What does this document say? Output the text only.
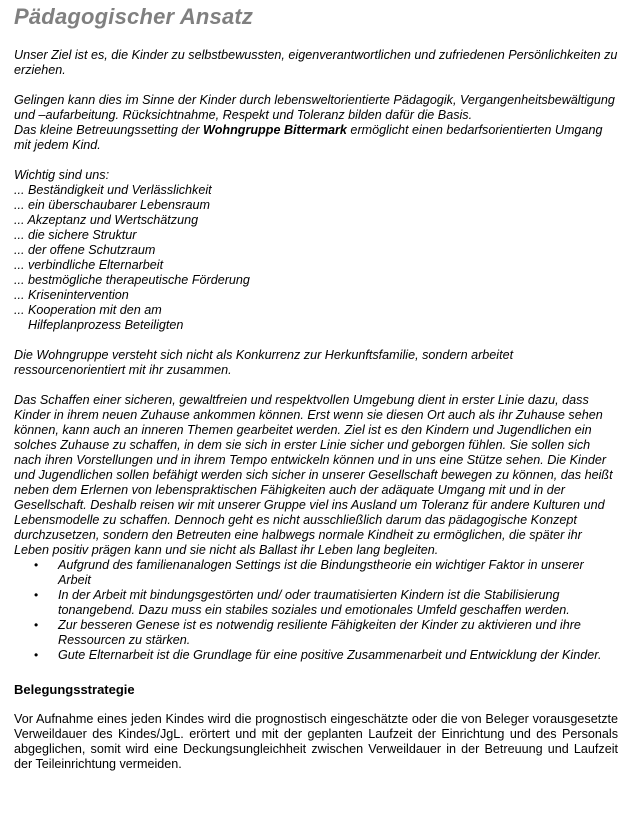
Pädagogischer Ansatz

Unser Ziel ist es, die Kinder zu selbstbewussten, eigenverantwortlichen und zufriedenen Persönlichkeiten zu erziehen.

Gelingen kann dies im Sinne der Kinder durch lebensweltorientierte Pädagogik, Vergangenheitsbewältigung und –aufarbeitung. Rücksichtnahme, Respekt und Toleranz bilden dafür die Basis.

Das kleine Betreuungssetting der Wohngruppe Bittermark ermöglicht einen bedarfsorientierten Umgang mit jedem Kind.

Wichtig sind uns:

... Beständigkeit und Verlässlichkeit
... ein überschaubarer Lebensraum
... Akzeptanz und Wertschätzung
... die sichere Struktur
... der offene Schutzraum
... verbindliche Elternarbeit
... bestmögliche therapeutische Förderung
... Krisenintervention
... Kooperation mit den am
Hilfeplanprozess Beteiligten

Die Wohngruppe versteht sich nicht als Konkurrenz zur Herkunftsfamilie, sondern arbeitet ressourcenorientiert mit ihr zusammen.

Das Schaffen einer sicheren, gewaltfreien und respektvollen Umgebung dient in erster Linie dazu, dass Kinder in ihrem neuen Zuhause ankommen können. Erst wenn sie diesen Ort auch als ihr Zuhause sehen können, kann auch an inneren Themen gearbeitet werden. Ziel ist es den Kindern und Jugendlichen ein solches Zuhause zu schaffen, in dem sie sich in erster Linie sicher und geborgen fühlen. Sie sollen sich nach ihren Vorstellungen und in ihrem Tempo entwickeln können und in uns eine Stütze sehen. Die Kinder und Jugendlichen sollen befähigt werden sich sicher in unserer Gesellschaft bewegen zu können, das heißt neben dem Erlernen von lebenspraktischen Fähigkeiten auch der adäquate Umgang mit und in der Gesellschaft. Deshalb reisen wir mit unserer Gruppe viel ins Ausland um Toleranz für andere Kulturen und Lebensmodelle zu schaffen. Dennoch geht es nicht ausschließlich darum das pädagogische Konzept durchzusetzen, sondern den Betreuten eine halbwegs normale Kindheit zu ermöglichen, die später ihr Leben positiv prägen kann und sie nicht als Ballast ihr Leben lang begleiten.

• Aufgrund des familienanalogen Settings ist die Bindungstheorie ein wichtiger Faktor in unserer Arbeit
• In der Arbeit mit bindungsgestörten und/ oder traumatisierten Kindern ist die Stabilisierung tonangebend. Dazu muss ein stabiles soziales und emotionales Umfeld geschaffen werden.
• Zur besseren Genese ist es notwendig resiliente Fähigkeiten der Kinder zu aktivieren und ihre Ressourcen zu stärken.
• Gute Elternarbeit ist die Grundlage für eine positive Zusammenarbeit und Entwicklung der Kinder.
Belegungsstrategie

Vor Aufnahme eines jeden Kindes wird die prognostisch eingeschätzte oder die von Beleger vorausgesetzte Verweildauer des Kindes/JgL. erörtert und mit der geplanten Laufzeit der Einrichtung und des Personals abgeglichen, somit wird eine Deckungsungleichheit zwischen Verweildauer in der Betreuung und Laufzeit der Teileinrichtung vermeiden.
